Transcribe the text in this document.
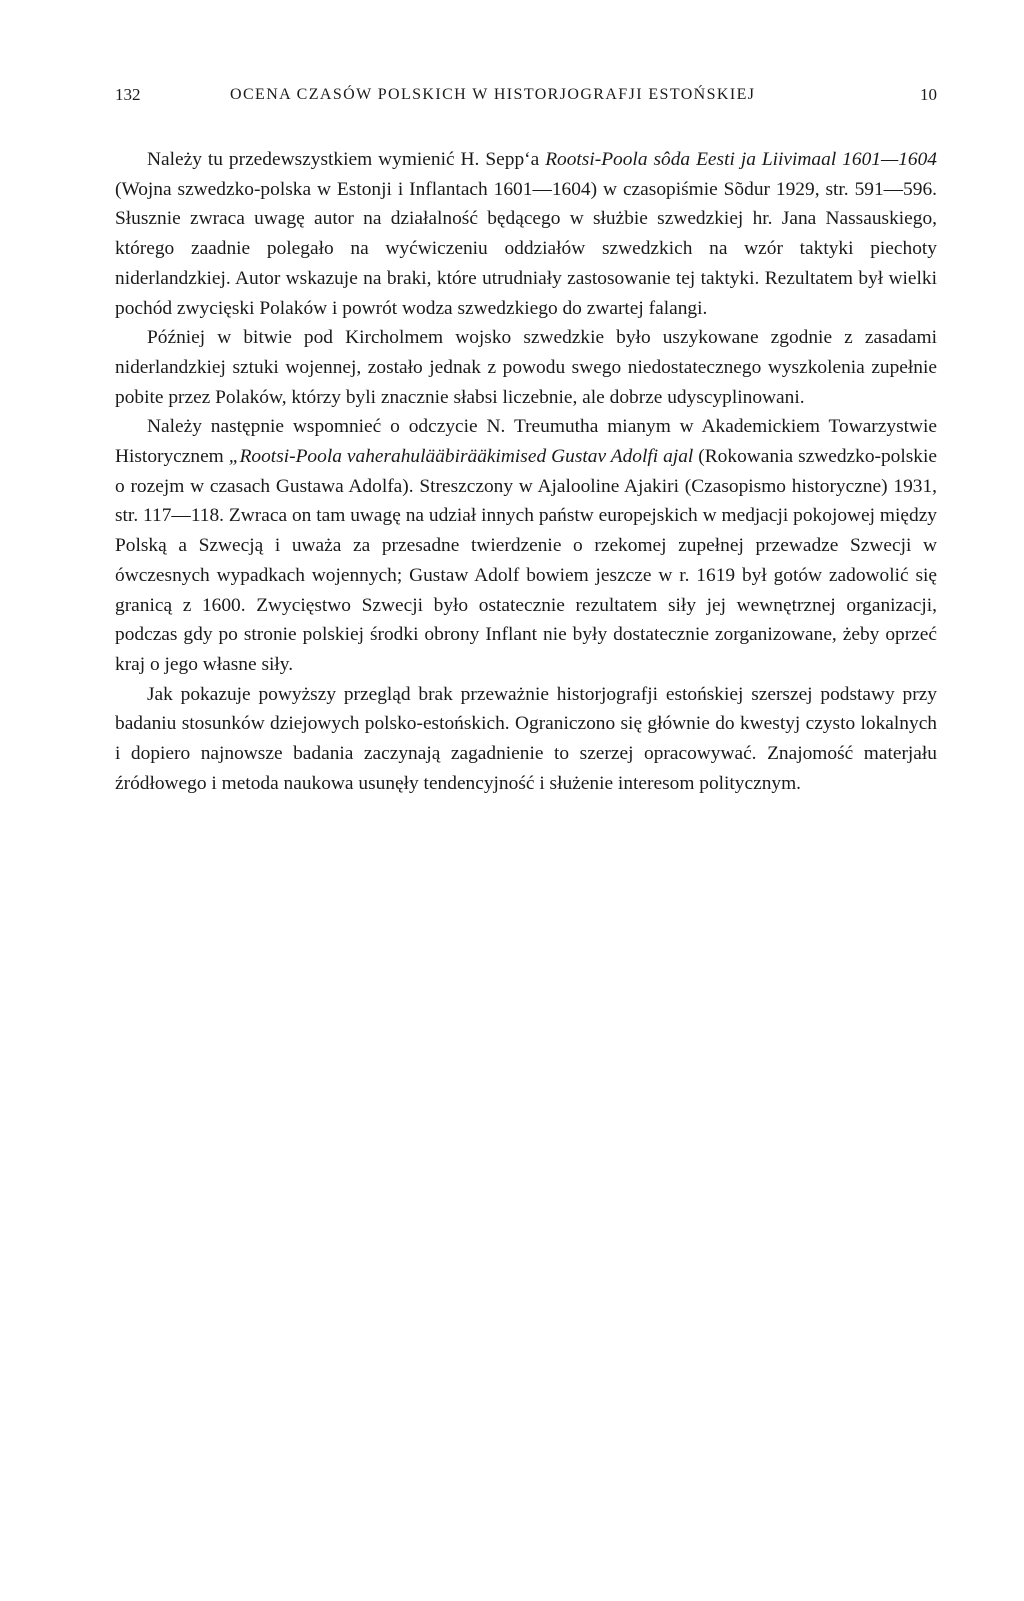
132	OCENA CZASÓW POLSKICH W HISTORJOGRAFJI ESTOŃSKIEJ	10

Należy tu przedewszystkiem wymienić H. Sepp‘a Rootsi-Poola sôda Eesti ja Liivimaal 1601—1604 (Wojna szwedzko-polska w Estonji i Inflantach 1601—1604) w czasopiśmie Sõdur 1929, str. 591—596. Słusznie zwraca uwagę autor na działalność będącego w służbie szwedzkiej hr. Jana Nassauskiego, którego zaadnie polegało na wyćwiczeniu oddziałów szwedzkich na wzór taktyki piechoty niderlandzkiej. Autor wskazuje na braki, które utrudniały zastosowanie tej taktyki. Rezultatem był wielki pochód zwycięski Polaków i powrót wodza szwedzkiego do zwartej falangi.

Później w bitwie pod Kircholmem wojsko szwedzkie było uszykowane zgodnie z zasadami niderlandzkiej sztuki wojennej, zostało jednak z powodu swego niedostatecznego wyszkolenia zupełnie pobite przez Polaków, którzy byli znacznie słabsi liczebnie, ale dobrze udyscyplinowani.

Należy następnie wspomnieć o odczycie N. Treumutha mianym w Akademickiem Towarzystwie Historycznem „Rootsi-Poola vaherahulääbirääkimised Gustav Adolfi ajal (Rokowania szwedzko-polskie o rozejm w czasach Gustawa Adolfa). Streszczony w Ajalooline Ajakiri (Czasopismo historyczne) 1931, str. 117—118. Zwraca on tam uwagę na udział innych państw europejskich w medjacji pokojowej między Polską a Szwecją i uważa za przesadne twierdzenie o rzekomej zupełnej przewadze Szwecji w ówczesnych wypadkach wojennych; Gustaw Adolf bowiem jeszcze w r. 1619 był gotów zadowolić się granicą z 1600. Zwycięstwo Szwecji było ostatecznie rezultatem siły jej wewnętrznej organizacji, podczas gdy po stronie polskiej środki obrony Inflant nie były dostatecznie zorganizowane, żeby oprzeć kraj o jego własne siły.

Jak pokazuje powyższy przegląd brak przeważnie historjografji estońskiej szerszej podstawy przy badaniu stosunków dziejowych polsko-estońskich. Ograniczono się głównie do kwestyj czysto lokalnych i dopiero najnowsze badania zaczynają zagadnienie to szerzej opracowywać. Znajomość materjału źródłowego i metoda naukowa usunęły tendencyjność i służenie interesom politycznym.
